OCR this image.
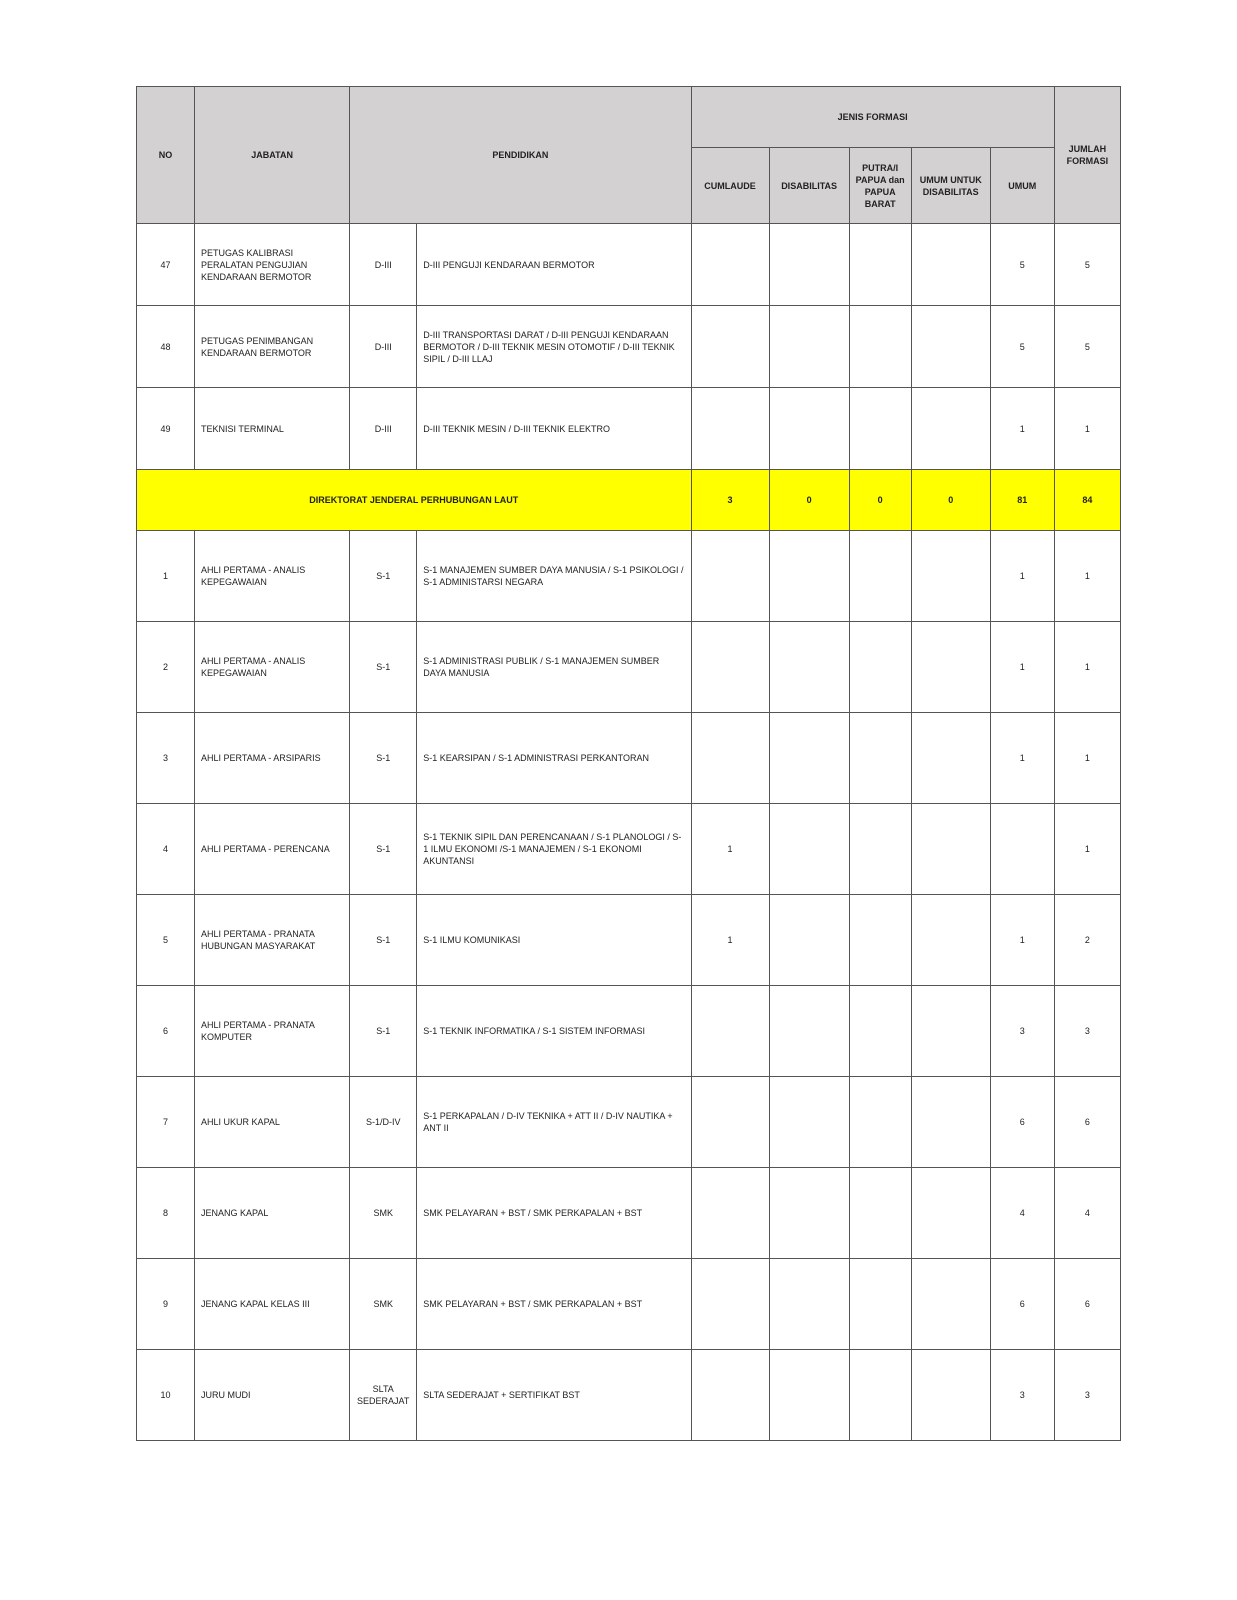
NO	JABATAN	PENDIDIKAN		JENIS FORMASI					JUMLAH FORMASI
				CUMLAUDE	DISABILITAS	PUTRA/I PAPUA dan PAPUA BARAT	UMUM UNTUK DISABILITAS	UMUM	
47	PETUGAS KALIBRASI PERALATAN PENGUJIAN KENDARAAN BERMOTOR	D-III	D-III PENGUJI KENDARAAN BERMOTOR					5	5
48	PETUGAS PENIMBANGAN KENDARAAN BERMOTOR	D-III	D-III TRANSPORTASI DARAT / D-III PENGUJI KENDARAAN BERMOTOR / D-III TEKNIK MESIN OTOMOTIF / D-III TEKNIK SIPIL / D-III LLAJ					5	5
49	TEKNISI TERMINAL	D-III	D-III TEKNIK MESIN / D-III TEKNIK ELEKTRO					1	1
DIREKTORAT JENDERAL PERHUBUNGAN LAUT				3	0	0	0	81	84
1	AHLI PERTAMA - ANALIS KEPEGAWAIAN	S-1	S-1 MANAJEMEN SUMBER DAYA MANUSIA / S-1 PSIKOLOGI / S-1 ADMINISTARSI NEGARA					1	1
2	AHLI PERTAMA - ANALIS KEPEGAWAIAN	S-1	S-1 ADMINISTRASI PUBLIK / S-1 MANAJEMEN SUMBER DAYA MANUSIA					1	1
3	AHLI PERTAMA - ARSIPARIS	S-1	S-1 KEARSIPAN / S-1 ADMINISTRASI PERKANTORAN					1	1
4	AHLI PERTAMA - PERENCANA	S-1	S-1 TEKNIK SIPIL DAN PERENCANAAN / S-1 PLANOLOGI / S-1 ILMU EKONOMI /S-1 MANAJEMEN / S-1 EKONOMI AKUNTANSI	1					1
5	AHLI PERTAMA - PRANATA HUBUNGAN MASYARAKAT	S-1	S-1 ILMU KOMUNIKASI	1				1	2
6	AHLI PERTAMA - PRANATA KOMPUTER	S-1	S-1 TEKNIK INFORMATIKA / S-1 SISTEM INFORMASI					3	3
7	AHLI UKUR KAPAL	S-1/D-IV	S-1 PERKAPALAN / D-IV TEKNIKA + ATT II / D-IV NAUTIKA + ANT II					6	6
8	JENANG KAPAL	SMK	SMK PELAYARAN + BST / SMK PERKAPALAN + BST					4	4
9	JENANG KAPAL KELAS III	SMK	SMK PELAYARAN + BST / SMK PERKAPALAN + BST					6	6
10	JURU MUDI	SLTA SEDERAJAT	SLTA SEDERAJAT + SERTIFIKAT BST					3	3
